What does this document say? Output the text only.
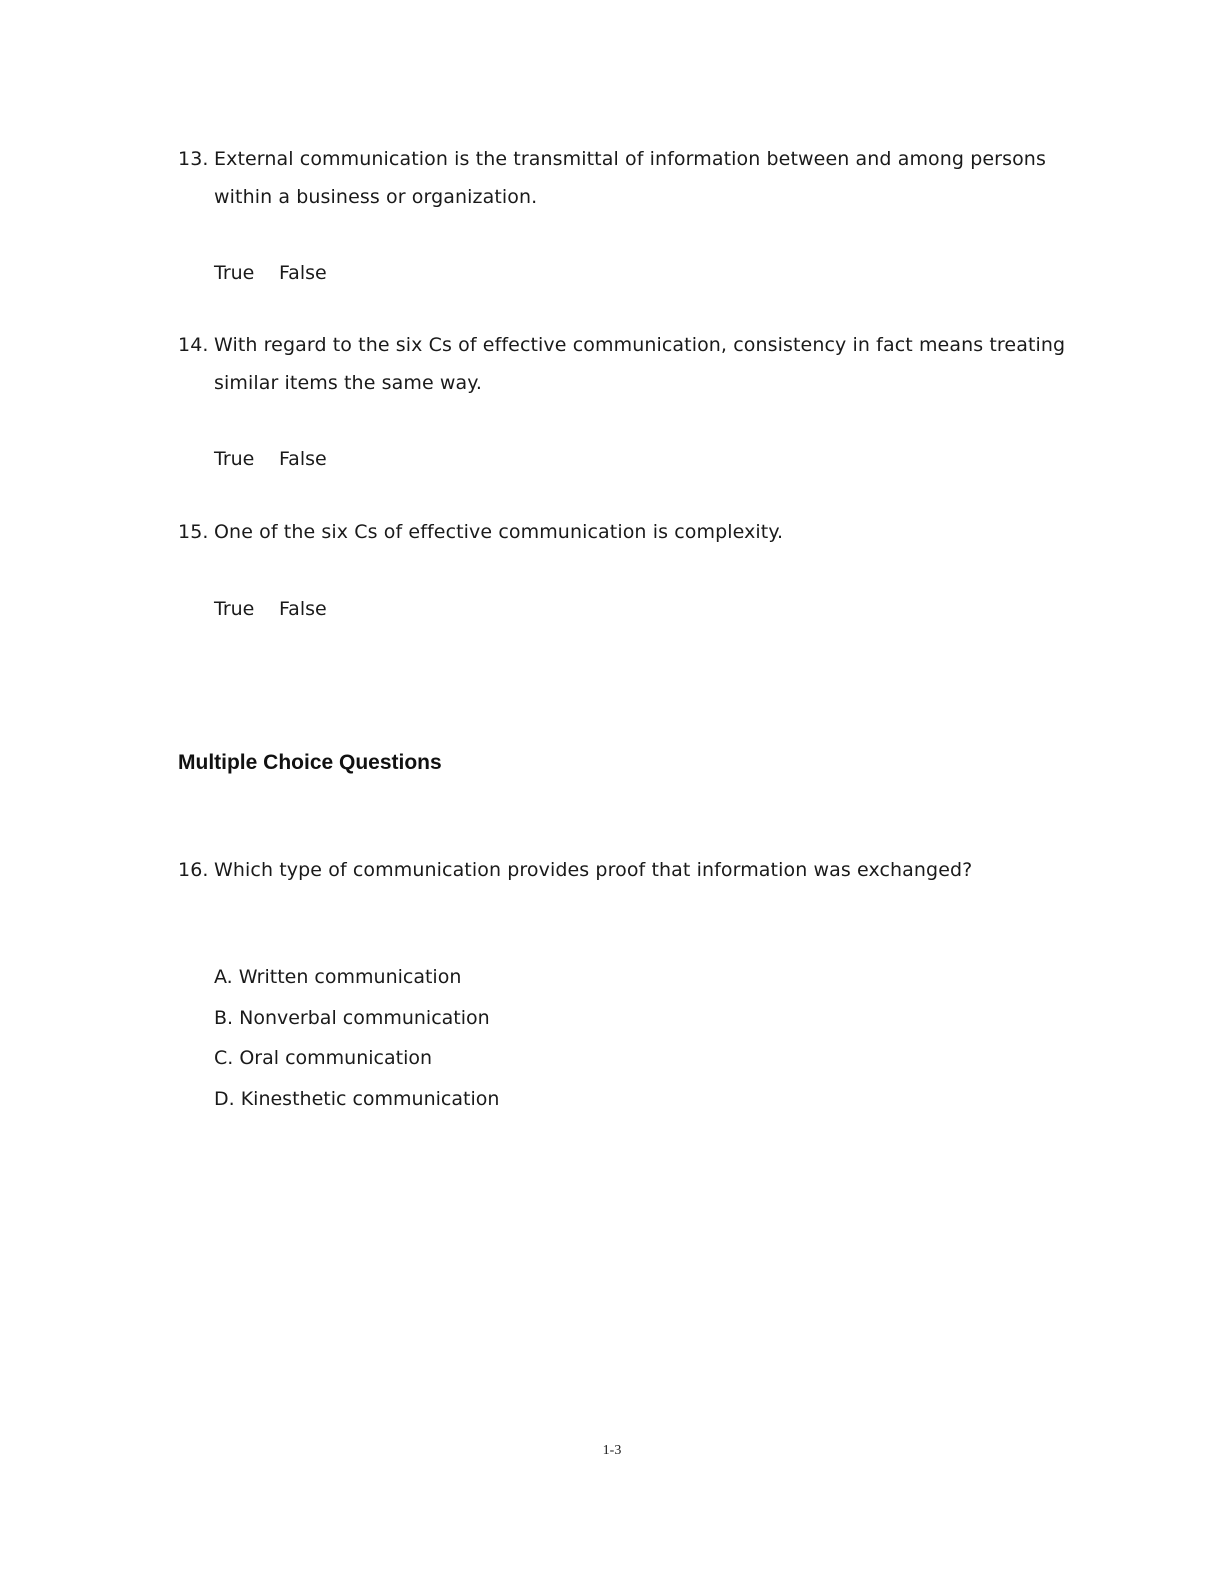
13. External communication is the transmittal of information between and among persons within a business or organization.
True False
14. With regard to the six Cs of effective communication, consistency in fact means treating similar items the same way.
True False
15. One of the six Cs of effective communication is complexity.
True False
Multiple Choice Questions
16. Which type of communication provides proof that information was exchanged?
A. Written communication
B. Nonverbal communication
C. Oral communication
D. Kinesthetic communication
1-3
